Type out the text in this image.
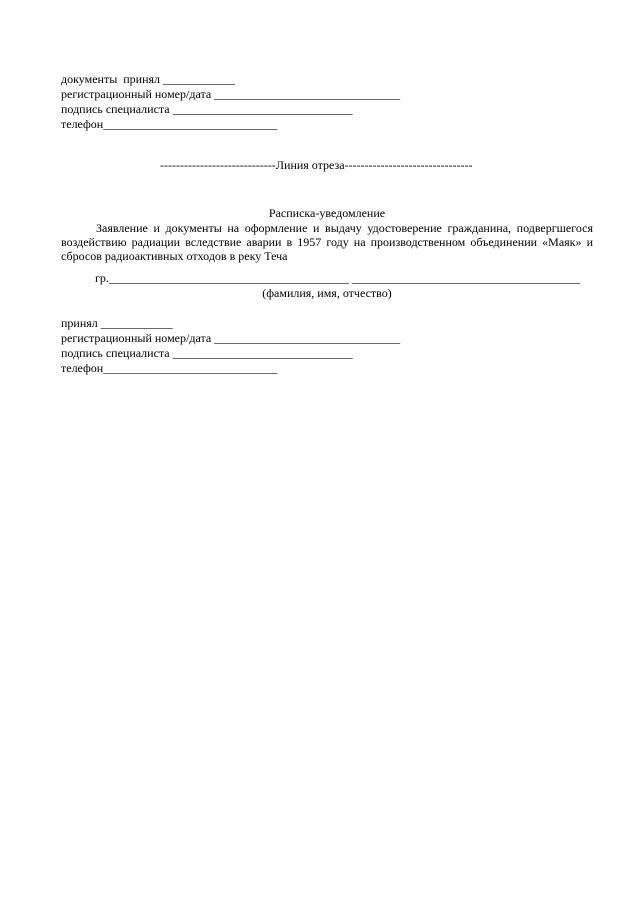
документы  принял ____________
регистрационный номер/дата _______________________________
подпись специалиста ______________________________
телефон_____________________________
-----------------------------Линия отреза--------------------------------
Расписка-уведомление
Заявление и документы на оформление и выдачу удостоверение гражданина, подвергшегося воздействию радиации вследствие аварии в 1957 году на производственном объединении «Маяк» и сбросов радиоактивных отходов в реку Теча
гр.________________________________________ ______________________________________
(фамилия, имя, отчество)
принял ____________
регистрационный номер/дата _______________________________
подпись специалиста ______________________________
телефон_____________________________
